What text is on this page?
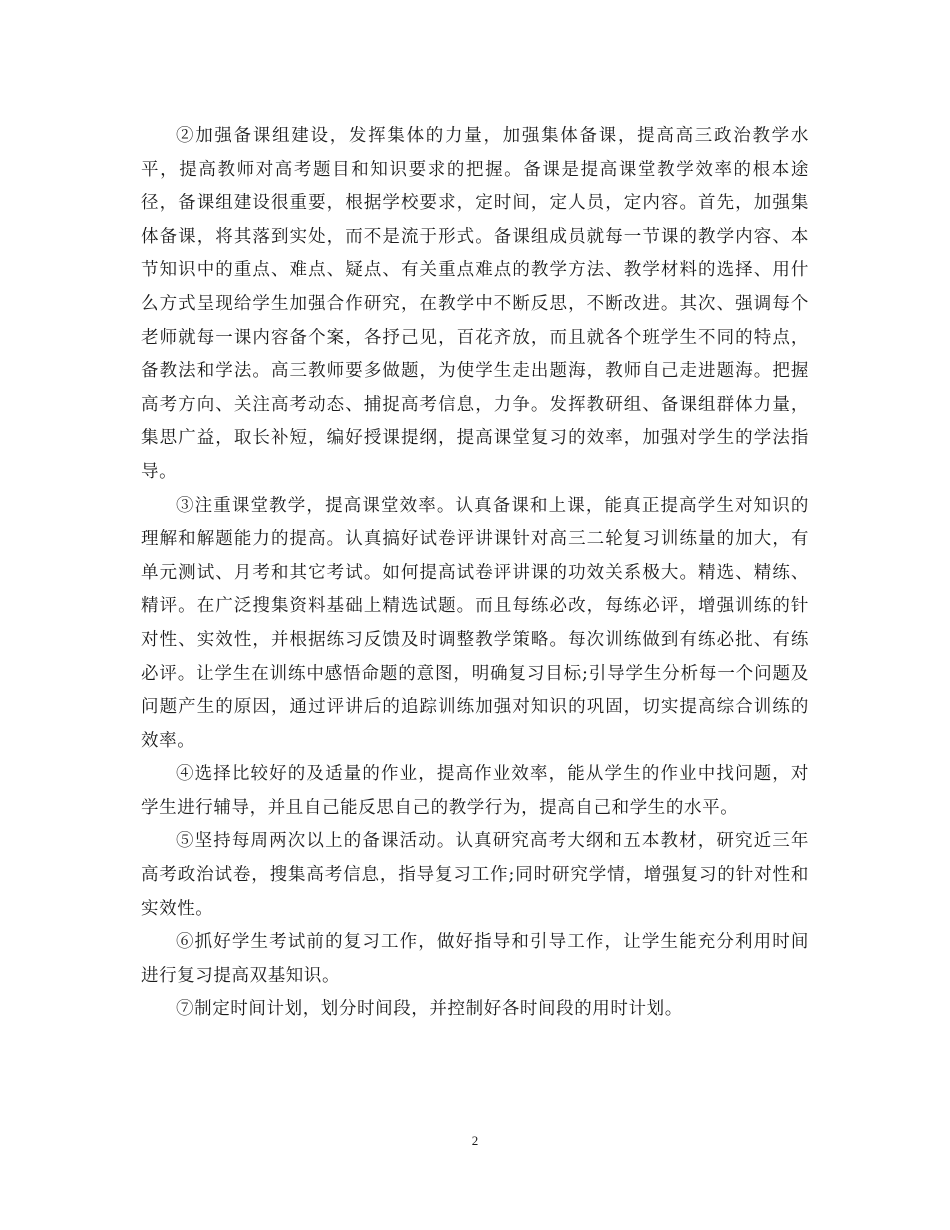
②加强备课组建设，发挥集体的力量，加强集体备课，提高高三政治教学水平，提高教师对高考题目和知识要求的把握。备课是提高课堂教学效率的根本途径，备课组建设很重要，根据学校要求，定时间，定人员，定内容。首先，加强集体备课，将其落到实处，而不是流于形式。备课组成员就每一节课的教学内容、本节知识中的重点、难点、疑点、有关重点难点的教学方法、教学材料的选择、用什么方式呈现给学生加强合作研究，在教学中不断反思，不断改进。其次、强调每个老师就每一课内容备个案，各抒己见，百花齐放，而且就各个班学生不同的特点，备教法和学法。高三教师要多做题，为使学生走出题海，教师自己走进题海。把握高考方向、关注高考动态、捕捉高考信息，力争。发挥教研组、备课组群体力量，集思广益，取长补短，编好授课提纲，提高课堂复习的效率，加强对学生的学法指导。

③注重课堂教学，提高课堂效率。认真备课和上课，能真正提高学生对知识的理解和解题能力的提高。认真搞好试卷评讲课针对高三二轮复习训练量的加大，有单元测试、月考和其它考试。如何提高试卷评讲课的功效关系极大。精选、精练、精评。在广泛搜集资料基础上精选试题。而且每练必改，每练必评，增强训练的针对性、实效性，并根据练习反馈及时调整教学策略。每次训练做到有练必批、有练必评。让学生在训练中感悟命题的意图，明确复习目标;引导学生分析每一个问题及问题产生的原因，通过评讲后的追踪训练加强对知识的巩固，切实提高综合训练的效率。

④选择比较好的及适量的作业，提高作业效率，能从学生的作业中找问题，对学生进行辅导，并且自己能反思自己的教学行为，提高自己和学生的水平。

⑤坚持每周两次以上的备课活动。认真研究高考大纲和五本教材，研究近三年高考政治试卷，搜集高考信息，指导复习工作;同时研究学情，增强复习的针对性和实效性。

⑥抓好学生考试前的复习工作，做好指导和引导工作，让学生能充分利用时间进行复习提高双基知识。

⑦制定时间计划，划分时间段，并控制好各时间段的用时计划。

2
